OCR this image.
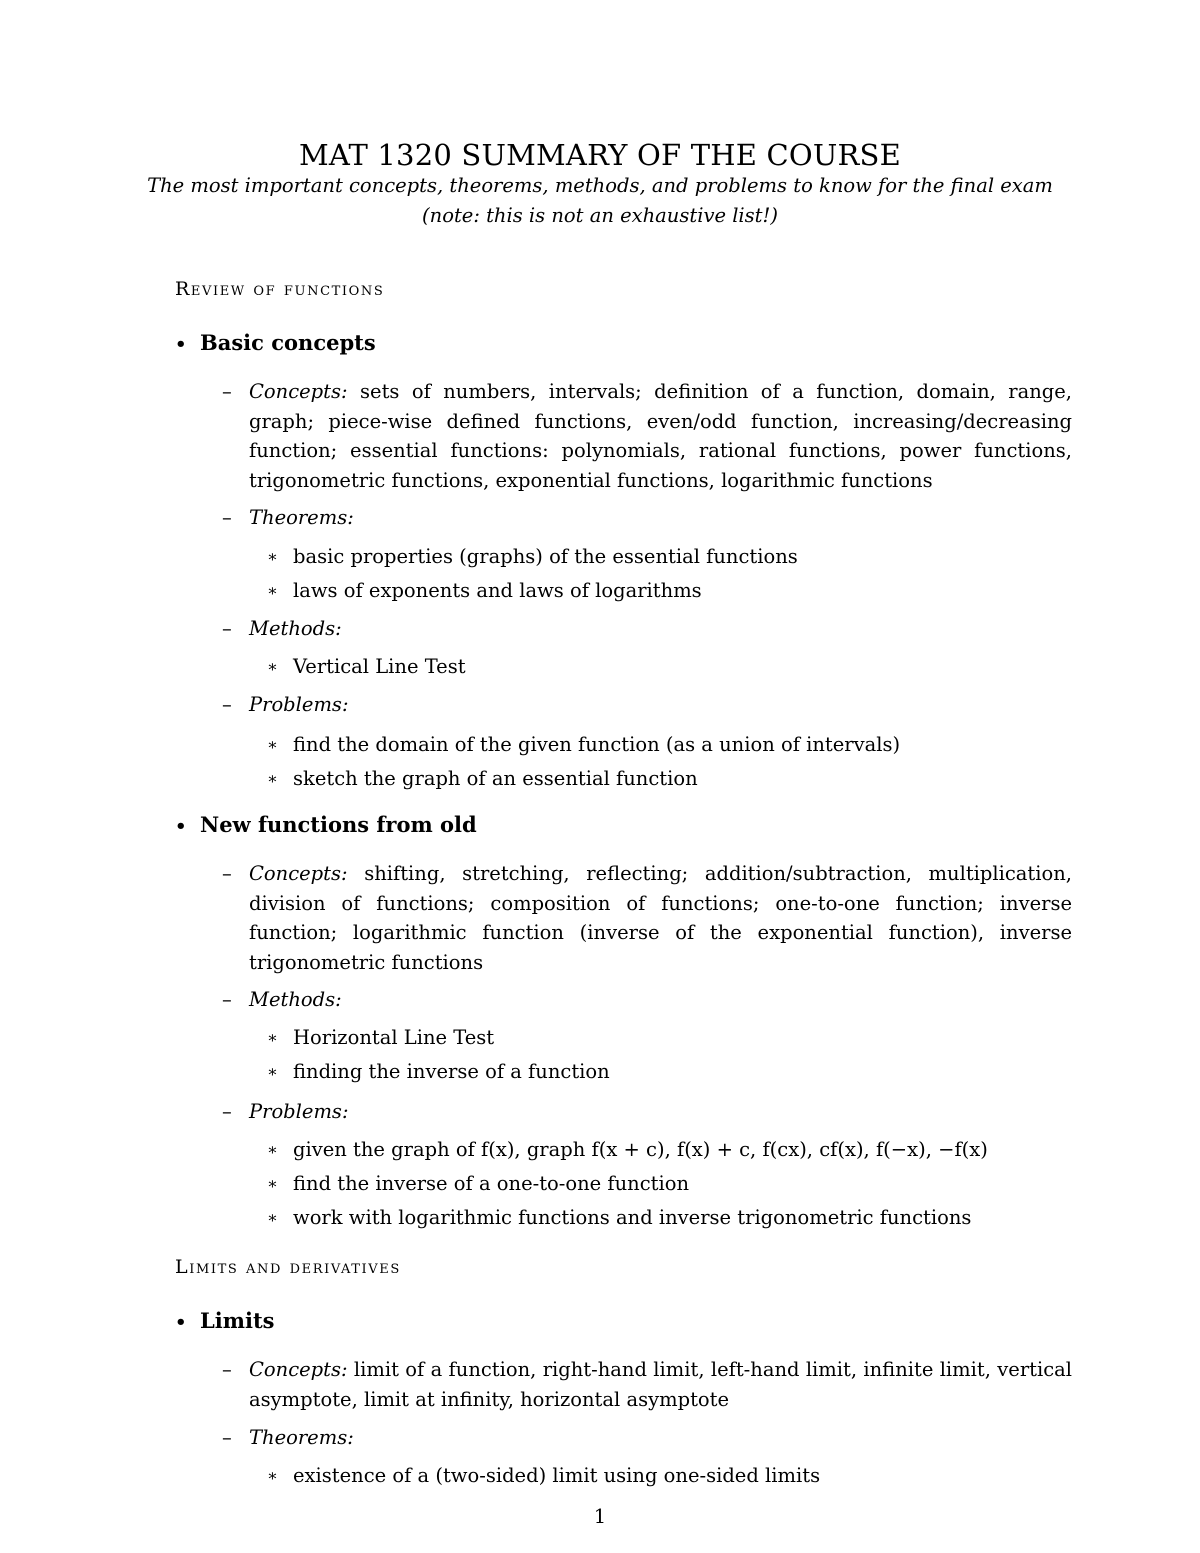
MAT 1320 SUMMARY OF THE COURSE
The most important concepts, theorems, methods, and problems to know for the final exam
(note: this is not an exhaustive list!)
Review of functions
• Basic concepts
– Concepts: sets of numbers, intervals; definition of a function, domain, range, graph; piece-wise defined functions, even/odd function, increasing/decreasing function; essential functions: polynomials, rational functions, power functions, trigonometric functions, exponential functions, logarithmic functions
– Theorems:
∗ basic properties (graphs) of the essential functions
∗ laws of exponents and laws of logarithms
– Methods:
∗ Vertical Line Test
– Problems:
∗ find the domain of the given function (as a union of intervals)
∗ sketch the graph of an essential function
• New functions from old
– Concepts: shifting, stretching, reflecting; addition/subtraction, multiplication, division of functions; composition of functions; one-to-one function; inverse function; logarithmic function (inverse of the exponential function), inverse trigonometric functions
– Methods:
∗ Horizontal Line Test
∗ finding the inverse of a function
– Problems:
∗ given the graph of f(x), graph f(x + c), f(x) + c, f(cx), cf(x), f(−x), −f(x)
∗ find the inverse of a one-to-one function
∗ work with logarithmic functions and inverse trigonometric functions
Limits and derivatives
• Limits
– Concepts: limit of a function, right-hand limit, left-hand limit, infinite limit, vertical asymptote, limit at infinity, horizontal asymptote
– Theorems:
∗ existence of a (two-sided) limit using one-sided limits
1
